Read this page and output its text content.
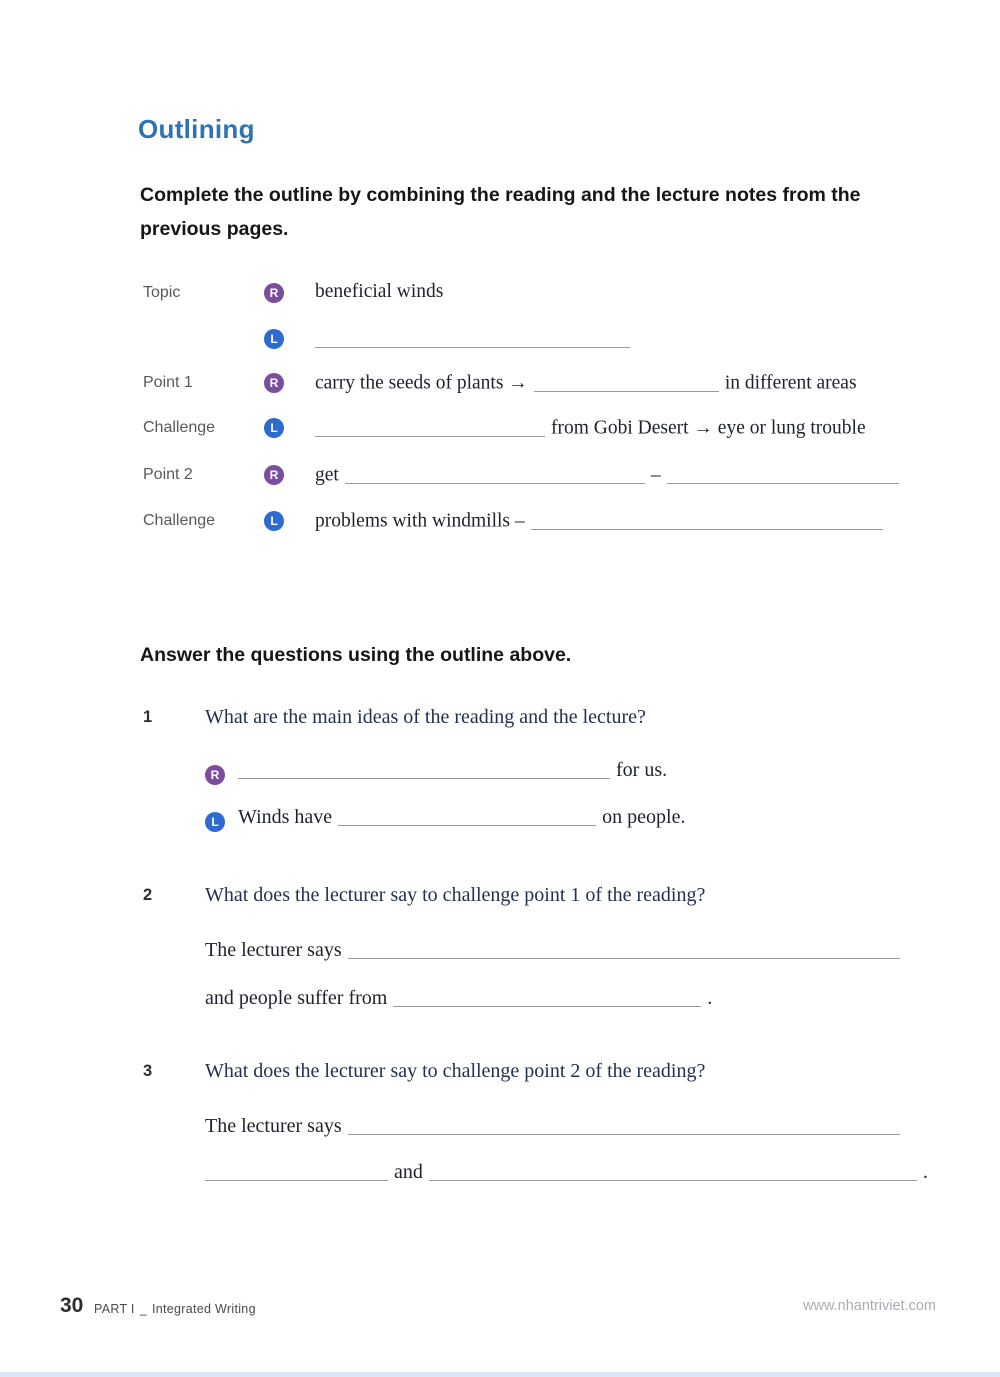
Outlining
Complete the outline by combining the reading and the lecture notes from the previous pages.
Topic	R beneficial winds
L
Point 1	R carry the seeds of plants →	in different areas
Challenge	L	from Gobi Desert → eye or lung trouble
Point 2	R get	–
Challenge	L	problems with windmills –
Answer the questions using the outline above.
1	What are the main ideas of the reading and the lecture?
R	for us.
L Winds have	on people.
2	What does the lecturer say to challenge point 1 of the reading?
The lecturer says
and people suffer from	.
3	What does the lecturer say to challenge point 2 of the reading?
The lecturer says
and	.
30 PART I _ Integrated Writing	www.nhantriviet.com
